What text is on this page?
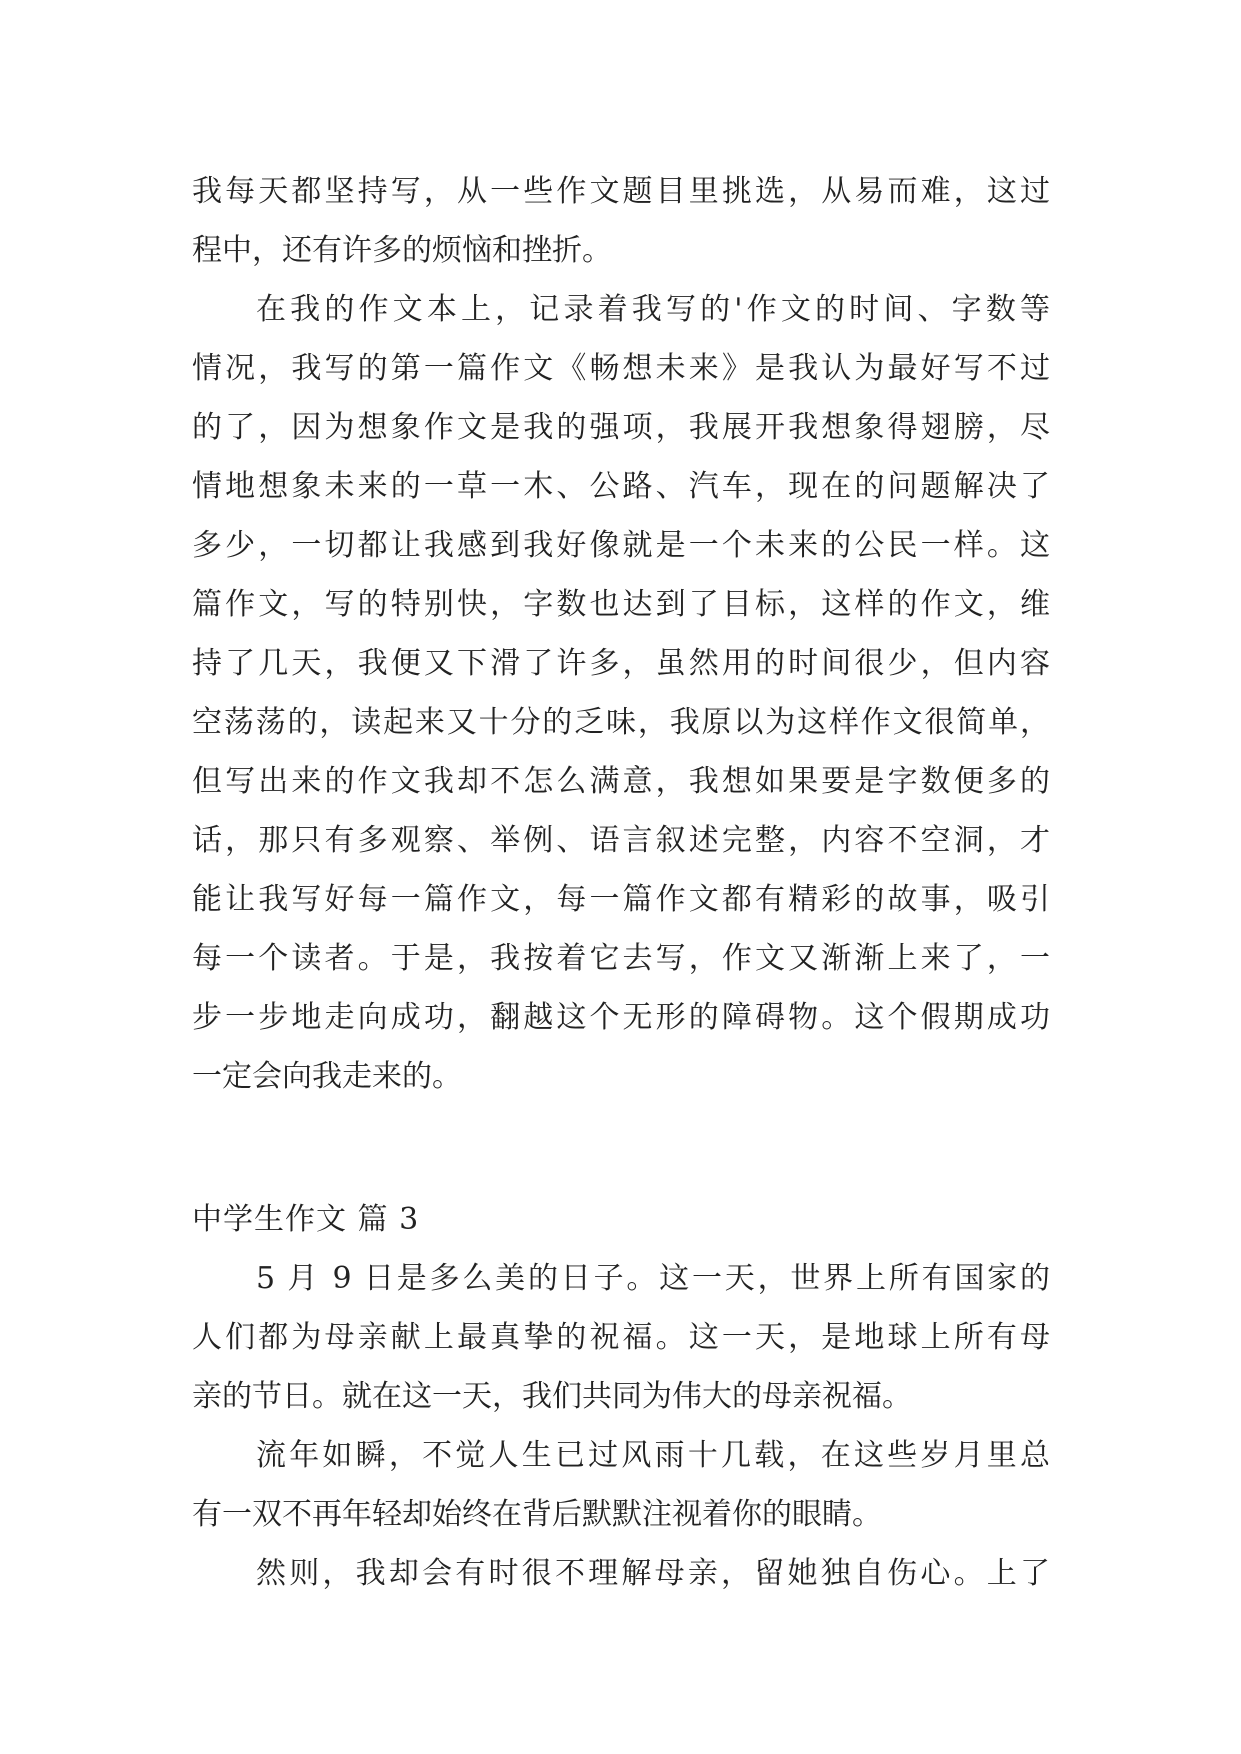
我每天都坚持写，从一些作文题目里挑选，从易而难，这过
程中，还有许多的烦恼和挫折。
在我的作文本上，记录着我写的'作文的时间、字数等
情况，我写的第一篇作文《畅想未来》是我认为最好写不过
的了，因为想象作文是我的强项，我展开我想象得翅膀，尽
情地想象未来的一草一木、公路、汽车，现在的问题解决了
多少，一切都让我感到我好像就是一个未来的公民一样。这
篇作文，写的特别快，字数也达到了目标，这样的作文，维
持了几天，我便又下滑了许多，虽然用的时间很少，但内容
空荡荡的，读起来又十分的乏味，我原以为这样作文很简单，
但写出来的作文我却不怎么满意，我想如果要是字数便多的
话，那只有多观察、举例、语言叙述完整，内容不空洞，才
能让我写好每一篇作文，每一篇作文都有精彩的故事，吸引
每一个读者。于是，我按着它去写，作文又渐渐上来了，一
步一步地走向成功，翻越这个无形的障碍物。这个假期成功
一定会向我走来的。
中学生作文 篇 3
5 月 9 日是多么美的日子。这一天，世界上所有国家的
人们都为母亲献上最真挚的祝福。这一天，是地球上所有母
亲的节日。就在这一天，我们共同为伟大的母亲祝福。
流年如瞬，不觉人生已过风雨十几载，在这些岁月里总
有一双不再年轻却始终在背后默默注视着你的眼睛。
然则，我却会有时很不理解母亲，留她独自伤心。上了
